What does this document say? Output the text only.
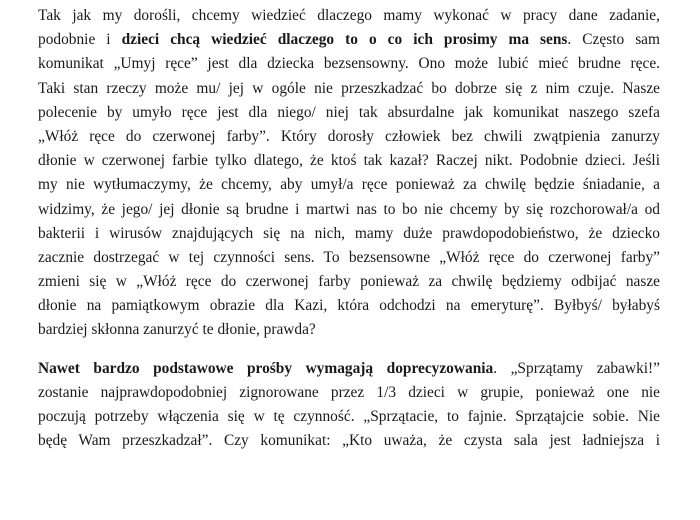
Tak jak my dorośli, chcemy wiedzieć dlaczego mamy wykonać w pracy dane zadanie,
podobnie i dzieci chcą wiedzieć dlaczego to o co ich prosimy ma sens. Często sam
komunikat „Umyj ręce” jest dla dziecka bezsensowny. Ono może lubić mieć brudne ręce.
Taki stan rzeczy może mu/ jej w ogóle nie przeszkadzać bo dobrze się z nim czuje. Nasze
polecenie by umyło ręce jest dla niego/ niej tak absurdalne jak komunikat naszego szefa
„Włóż ręce do czerwonej farby”. Który dorosły człowiek bez chwili zwątpienia zanurzy
dłonie w czerwonej farbie tylko dlatego, że ktoś tak kazał? Raczej nikt. Podobnie dzieci. Jeśli
my nie wytłumaczymy, że chcemy, aby umył/a ręce ponieważ za chwilę będzie śniadanie, a
widzimy, że jego/ jej dłonie są brudne i martwi nas to bo nie chcemy by się rozchorował/a od
bakterii i wirusów znajdujących się na nich, mamy duże prawdopodobieństwo, że dziecko
zacznie dostrzegać w tej czynności sens. To bezsensowne „Włóż ręce do czerwonej farby”
zmieni się w „Włóż ręce do czerwonej farby ponieważ za chwilę będziemy odbijać nasze
dłonie na pamiątkowym obrazie dla Kazi, która odchodzi na emeryturę”. Byłbyś/ byłabyś
bardziej skłonna zanurzyć te dłonie, prawda?
Nawet bardzo podstawowe prośby wymagają doprecyzowania. „Sprzątamy zabawki!”
zostanie najprawdopodobniej zignorowane przez 1/3 dzieci w grupie, ponieważ one nie
poczują potrzeby włączenia się w tę czynność. „Sprzątacie, to fajnie. Sprzątajcie sobie. Nie
będę Wam przeszkadzał”. Czy komunikat: „Kto uważa, że czysta sala jest ładniejsza i
